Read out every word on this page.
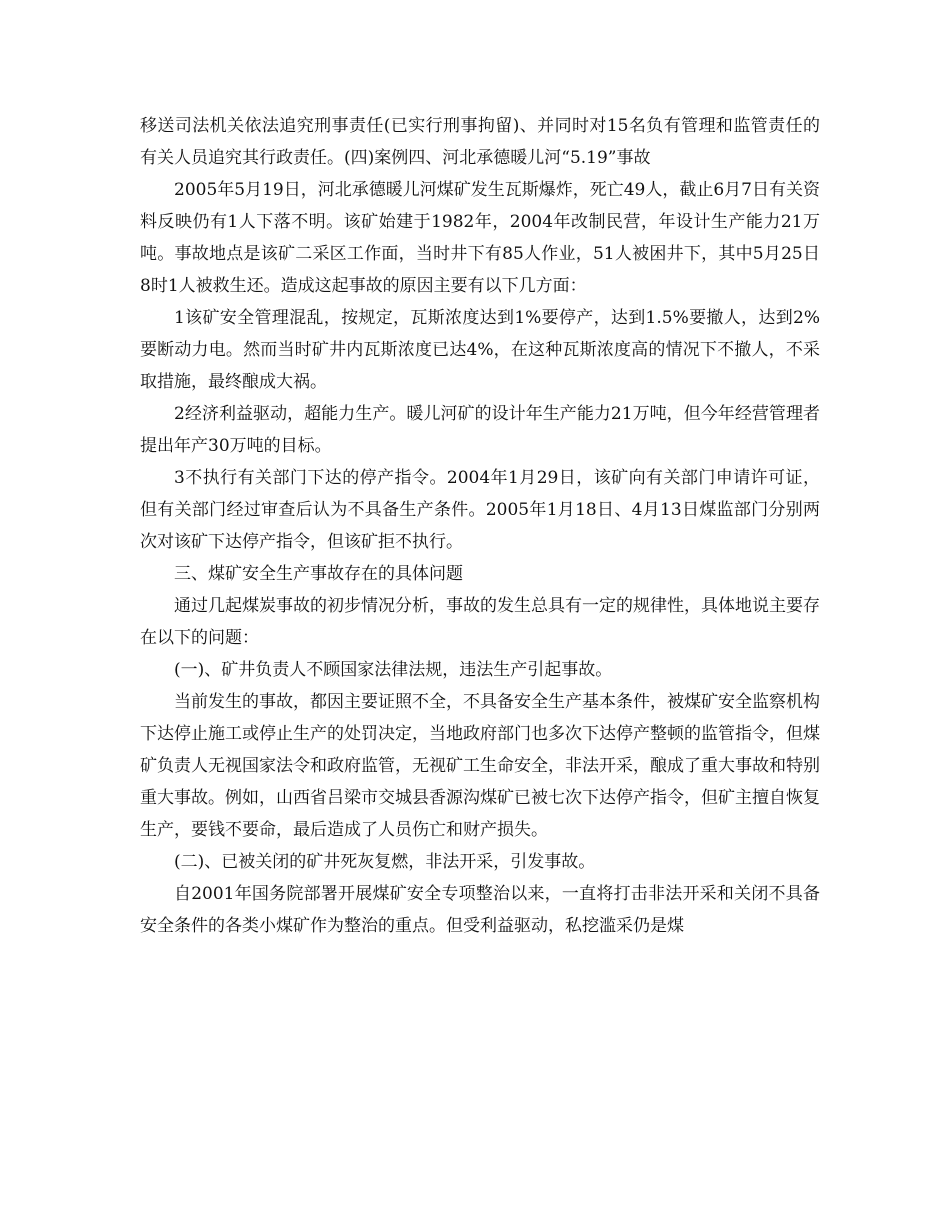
移送司法机关依法追究刑事责任(已实行刑事拘留)、并同时对15名负有管理和监管责任的有关人员追究其行政责任。(四)案例四、河北承德暖儿河“5.19”事故

2005年5月19日，河北承德暖儿河煤矿发生瓦斯爆炸，死亡49人，截止6月7日有关资料反映仍有1人下落不明。该矿始建于1982年，2004年改制民营，年设计生产能力21万吨。事故地点是该矿二采区工作面，当时井下有85人作业，51人被困井下，其中5月25日8时1人被救生还。造成这起事故的原因主要有以下几方面：

1该矿安全管理混乱，按规定，瓦斯浓度达到1%要停产，达到1.5%要撤人，达到2%要断动力电。然而当时矿井内瓦斯浓度已达4%，在这种瓦斯浓度高的情况下不撤人，不采取措施，最终酿成大祸。

2经济利益驱动，超能力生产。暖儿河矿的设计年生产能力21万吨，但今年经营管理者提出年产30万吨的目标。

3不执行有关部门下达的停产指令。2004年1月29日，该矿向有关部门申请许可证，但有关部门经过审查后认为不具备生产条件。2005年1月18日、4月13日煤监部门分别两次对该矿下达停产指令，但该矿拒不执行。

三、煤矿安全生产事故存在的具体问题

通过几起煤炭事故的初步情况分析，事故的发生总具有一定的规律性，具体地说主要存在以下的问题：

(一)、矿井负责人不顾国家法律法规，违法生产引起事故。

当前发生的事故，都因主要证照不全，不具备安全生产基本条件，被煤矿安全监察机构下达停止施工或停止生产的处罚决定，当地政府部门也多次下达停产整顿的监管指令，但煤矿负责人无视国家法令和政府监管，无视矿工生命安全，非法开采，酿成了重大事故和特别重大事故。例如，山西省吕梁市交城县香源沟煤矿已被七次下达停产指令，但矿主擅自恢复生产，要钱不要命，最后造成了人员伤亡和财产损失。

(二)、已被关闭的矿井死灰复燃，非法开采，引发事故。

自2001年国务院部署开展煤矿安全专项整治以来，一直将打击非法开采和关闭不具备安全条件的各类小煤矿作为整治的重点。但受利益驱动，私挖滥采仍是煤
